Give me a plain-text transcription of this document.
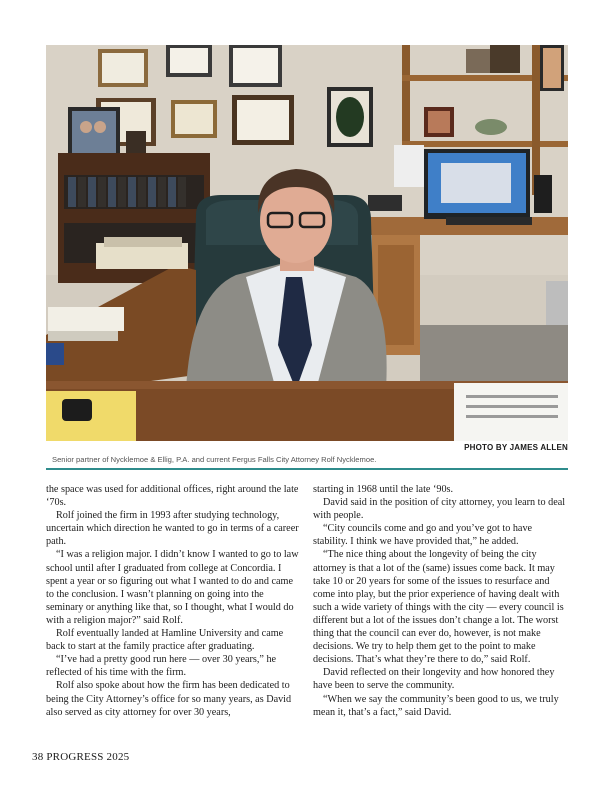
PHOTO BY JAMES ALLEN
Senior partner of Nycklemoe & Ellig, P.A. and current Fergus Falls City Attorney Rolf Nycklemoe.

the space was used for additional offices, right around the late ‘70s.

Rolf joined the firm in 1993 after studying technology, uncertain which direction he wanted to go in terms of a career path.

“I was a religion major. I didn’t know I wanted to go to law school until after I graduated from college at Concordia. I spent a year or so figuring out what I wanted to do and came to the conclusion. I wasn’t planning on going into the seminary or anything like that, so I thought, what I would do with a religion major?” said Rolf.

Rolf eventually landed at Hamline University and came back to start at the family practice after graduating.

“I’ve had a pretty good run here — over 30 years,” he reflected of his time with the firm.

Rolf also spoke about how the firm has been dedicated to being the City Attorney’s office for so many years, as David also served as city attorney for over 30 years,

starting in 1968 until the late ‘90s.

David said in the position of city attorney, you learn to deal with people.

“City councils come and go and you’ve got to have stability. I think we have provided that,” he added.

“The nice thing about the longevity of being the city attorney is that a lot of the (same) issues come back. It may take 10 or 20 years for some of the issues to resurface and come into play, but the prior experience of having dealt with such a wide variety of things with the city — every council is different but a lot of the issues don’t change a lot. The worst thing that the council can ever do, however, is not make decisions. We try to help them get to the point to make decisions. That’s what they’re there to do,” said Rolf.

David reflected on their longevity and how honored they have been to serve the community.

“When we say the community’s been good to us, we truly mean it, that’s a fact,” said David.

38 PROGRESS 2025
